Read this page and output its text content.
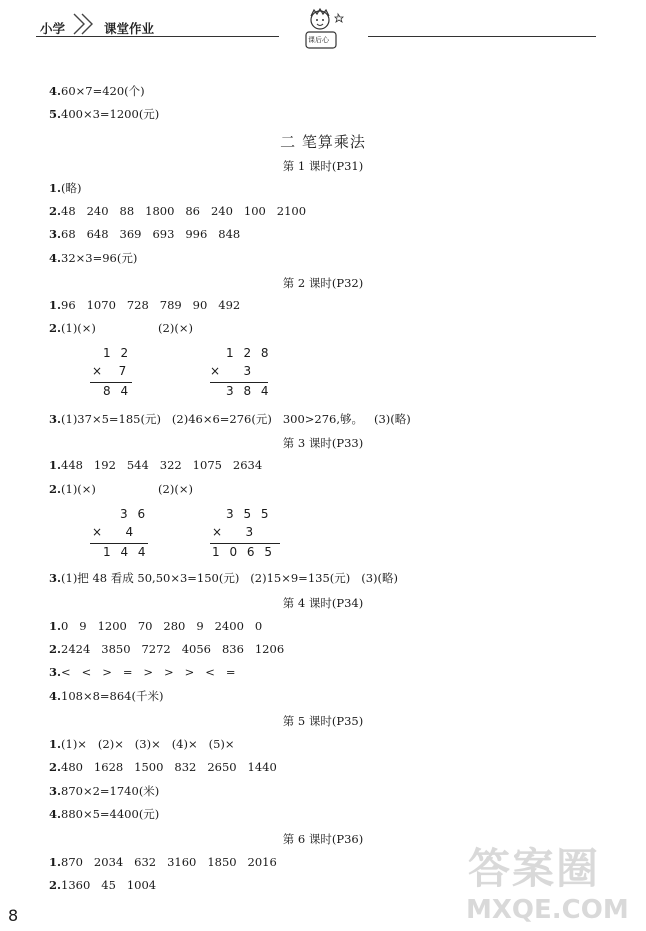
小学	课堂作业
课后心
4.60×7=420(个)
5.400×3=1200(元)
二 笔算乘法
第 1 课时(P31)
1.(略)
2.48   240   88   1800   86   240   100   2100
3.68   648   369   693   996   848
4.32×3=96(元)
第 2 课时(P32)
1.96   1070   728   789   90   492
2.(1)(×)                 (2)(×)
1 2
×  7
8 4
1 2 8
×   3
3 8 4
3.(1)37×5=185(元)   (2)46×6=276(元)   300>276,够。   (3)(略)
第 3 课时(P33)
1.448   192   544   322   1075   2634
2.(1)(×)                 (2)(×)
3 6
×   4
1 4 4
3 5 5
×   3
1 0 6 5
3.(1)把 48 看成 50,50×3=150(元)   (2)15×9=135(元)   (3)(略)
第 4 课时(P34)
1.0   9   1200   70   280   9   2400   0
2.2424   3850   7272   4056   836   1206
3.<   <   >   =   >   >   >   <   =
4.108×8=864(千米)
第 5 课时(P35)
1.(1)×   (2)×   (3)×   (4)×   (5)×
2.480   1628   1500   832   2650   1440
3.870×2=1740(米)
4.880×5=4400(元)
第 6 课时(P36)
1.870   2034   632   3160   1850   2016
2.1360   45   1004	答案圈
MXQE.COM
8
